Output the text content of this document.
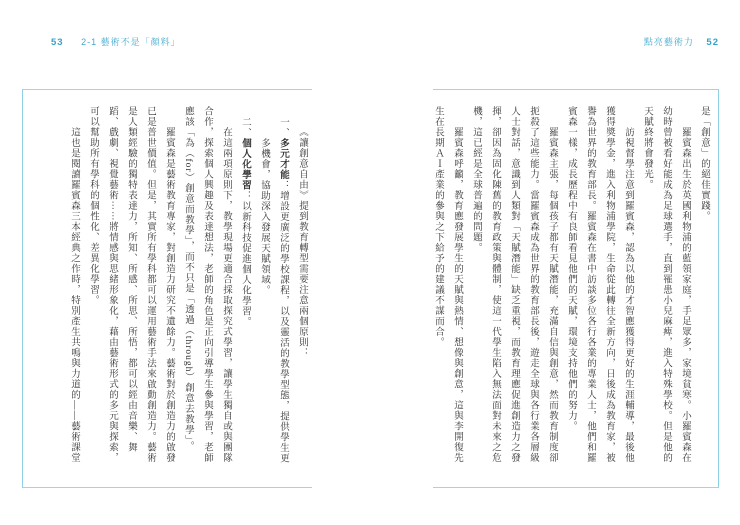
53 2-1 藝術不是「顏料」

《讓創意自由》提到教育轉型需要注意兩個原則：

一、多元才能：增設更廣泛的學校課程，以及靈活的教學型態，提供學生更多機會，協助深入發展天賦領域。

二、個人化學習：以新科技促進個人化學習。

在這兩項原則下，教學現場更適合採取探究式學習，讓學生獨自或與團隊合作，探索個人興趣及表達想法，老師的角色是正向引導學生參與學習，老師應該「為（for）創意而教學」，而不只是「透過（through）創意去教學」。

羅賓森是藝術教育專家，對創造力研究不遺餘力。藝術對於創造力的啟發已是普世價值。但是，其實所有學科都可以運用藝術手法來啟動創造力。藝術是人類經驗的獨特表達力，所知、所感、所思、所悟，都可以經由音樂、舞蹈、戲劇、視覺藝術⋯⋯將情感與思緒形象化，藉由藝術形式的多元與探索，可以幫助所有學科的個性化、差異化學習。

這也是閱讀羅賓森三本經典之作時，特別產生共鳴與力道的——藝術課堂

點亮藝術力 52

是「創意」的絕佳實踐。

羅賓森出生於英國利物浦的藍領家庭，手足眾多，家境貧寒。小羅賓森在幼時曾被看好能成為足球選手，直到罹患小兒麻痺，進入特殊學校。但是他的天賦終將會發光。

訪視督學注意到羅賓森，認為以他的才智應獲得更好的生涯輔導，最後他獲得獎學金，進入利物浦學院，生命從此轉往全新方向，日後成為教育家，被譽為世界的教育部長。羅賓森在書中訪談多位各行各業的專業人士，他們和羅賓森一樣，成長歷程中有良師看見他們的天賦，環境支持他們的努力。

羅賓森主張，每個孩子都有天賦潛能，充滿自信與創意，然而教育制度卻扼殺了這些能力。當羅賓森成為世界的教育部長後，遊走全球與各行業各層級人士對話，意識到人類對「天賦潛能」缺乏重視，而教育理應促進創造力之發揮，卻因為固化陳舊的教育政策與體制，使這一代學生陷入無法面對未來之危機，這已經是全球普遍的問題。

羅賓森呼籲，教育應發展學生的天賦與熱情、想像與創意，這與李開復先生在長期ＡＩ產業的參與之下給予的建議不謀而合。
